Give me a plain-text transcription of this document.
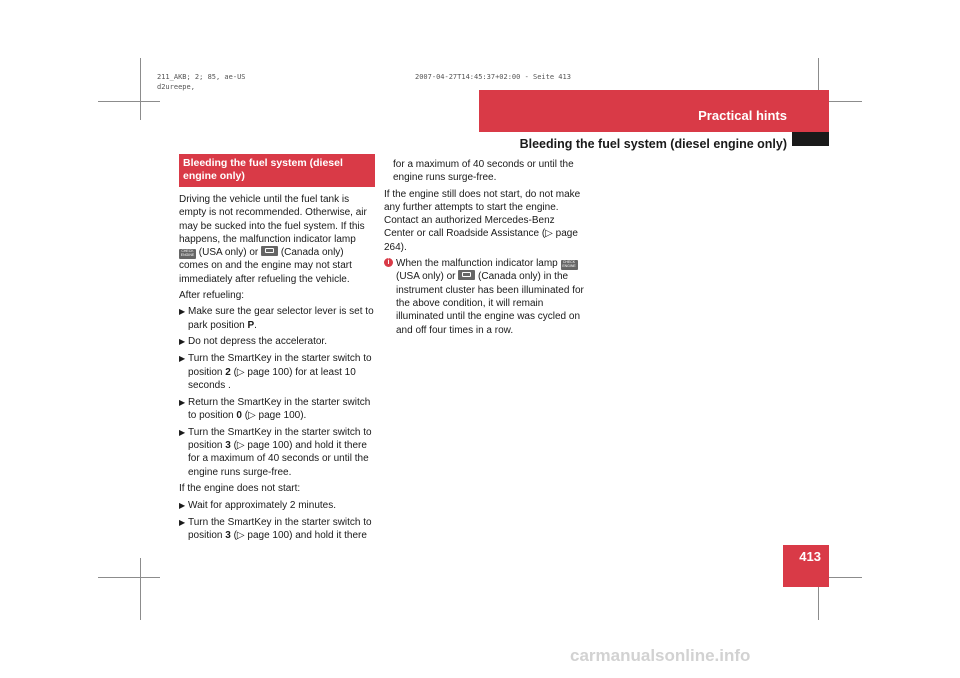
211_AKB; 2; 85, ae-US
d2ureepe,
2007-04-27T14:45:37+02:00 - Seite 413
Practical hints
Bleeding the fuel system (diesel engine only)
413
Bleeding the fuel system (diesel engine only)

Driving the vehicle until the fuel tank is empty is not recommended. Otherwise, air may be sucked into the fuel system. If this happens, the malfunction indicator lamp CHECK ENGINE (USA only) or (Canada only) comes on and the engine may not start immediately after refueling the vehicle.

After refueling:

▶ Make sure the gear selector lever is set to park position P.
▶ Do not depress the accelerator.
▶ Turn the SmartKey in the starter switch to position 2 (▷ page 100) for at least 10 seconds .
▶ Return the SmartKey in the starter switch to position 0 (▷ page 100).
▶ Turn the SmartKey in the starter switch to position 3 (▷ page 100) and hold it there for a maximum of 40 seconds or until the engine runs surge-free.

If the engine does not start:

▶ Wait for approximately 2 minutes.
▶ Turn the SmartKey in the starter switch to position 3 (▷ page 100) and hold it there

for a maximum of 40 seconds or until the engine runs surge-free.

If the engine still does not start, do not make any further attempts to start the engine. Contact an authorized Mercedes-Benz Center or call Roadside Assistance (▷ page 264).

i When the malfunction indicator lamp CHECK ENGINE (USA only) or (Canada only) in the instrument cluster has been illuminated for the above condition, it will remain illuminated until the engine was cycled on and off four times in a row.

carmanualsonline.info
